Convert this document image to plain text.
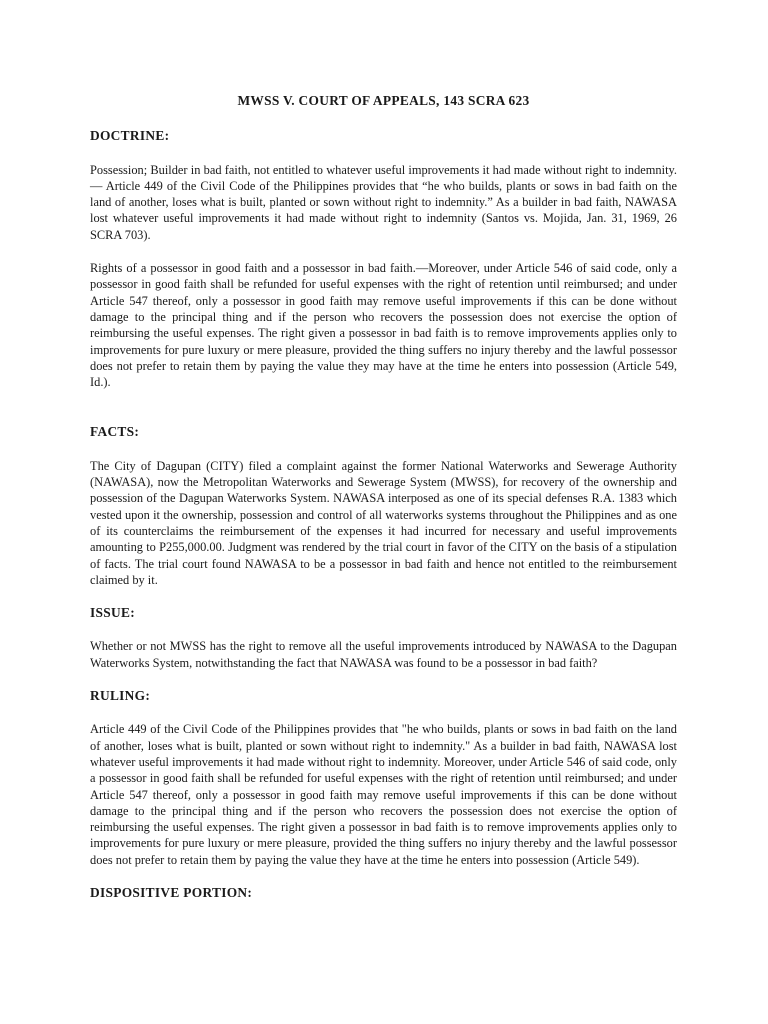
MWSS V. COURT OF APPEALS, 143 SCRA 623
DOCTRINE:

Possession; Builder in bad faith, not entitled to whatever useful improvements it had made without right to indemnity.— Article 449 of the Civil Code of the Philippines provides that “he who builds, plants or sows in bad faith on the land of another, loses what is built, planted or sown without right to indemnity.” As a builder in bad faith, NAWASA lost whatever useful improvements it had made without right to indemnity (Santos vs. Mojida, Jan. 31, 1969, 26 SCRA 703).

Rights of a possessor in good faith and a possessor in bad faith.—Moreover, under Article 546 of said code, only a possessor in good faith shall be refunded for useful expenses with the right of retention until reimbursed; and under Article 547 thereof, only a possessor in good faith may remove useful improvements if this can be done without damage to the principal thing and if the person who recovers the possession does not exercise the option of reimbursing the useful expenses. The right given a possessor in bad faith is to remove improvements applies only to improvements for pure luxury or mere pleasure, provided the thing suffers no injury thereby and the lawful possessor does not prefer to retain them by paying the value they may have at the time he enters into possession (Article 549, Id.).

FACTS:

The City of Dagupan (CITY) filed a complaint against the former National Waterworks and Sewerage Authority (NAWASA), now the Metropolitan Waterworks and Sewerage System (MWSS), for recovery of the ownership and possession of the Dagupan Waterworks System. NAWASA interposed as one of its special defenses R.A. 1383 which vested upon it the ownership, possession and control of all waterworks systems throughout the Philippines and as one of its counterclaims the reimbursement of the expenses it had incurred for necessary and useful improvements amounting to P255,000.00. Judgment was rendered by the trial court in favor of the CITY on the basis of a stipulation of facts. The trial court found NAWASA to be a possessor in bad faith and hence not entitled to the reimbursement claimed by it.

ISSUE:

Whether or not MWSS has the right to remove all the useful improvements introduced by NAWASA to the Dagupan Waterworks System, notwithstanding the fact that NAWASA was found to be a possessor in bad faith?

RULING:

Article 449 of the Civil Code of the Philippines provides that "he who builds, plants or sows in bad faith on the land of another, loses what is built, planted or sown without right to indemnity." As a builder in bad faith, NAWASA lost whatever useful improvements it had made without right to indemnity. Moreover, under Article 546 of said code, only a possessor in good faith shall be refunded for useful expenses with the right of retention until reimbursed; and under Article 547 thereof, only a possessor in good faith may remove useful improvements if this can be done without damage to the principal thing and if the person who recovers the possession does not exercise the option of reimbursing the useful expenses. The right given a possessor in bad faith is to remove improvements applies only to improvements for pure luxury or mere pleasure, provided the thing suffers no injury thereby and the lawful possessor does not prefer to retain them by paying the value they have at the time he enters into possession (Article 549).

DISPOSITIVE PORTION:
